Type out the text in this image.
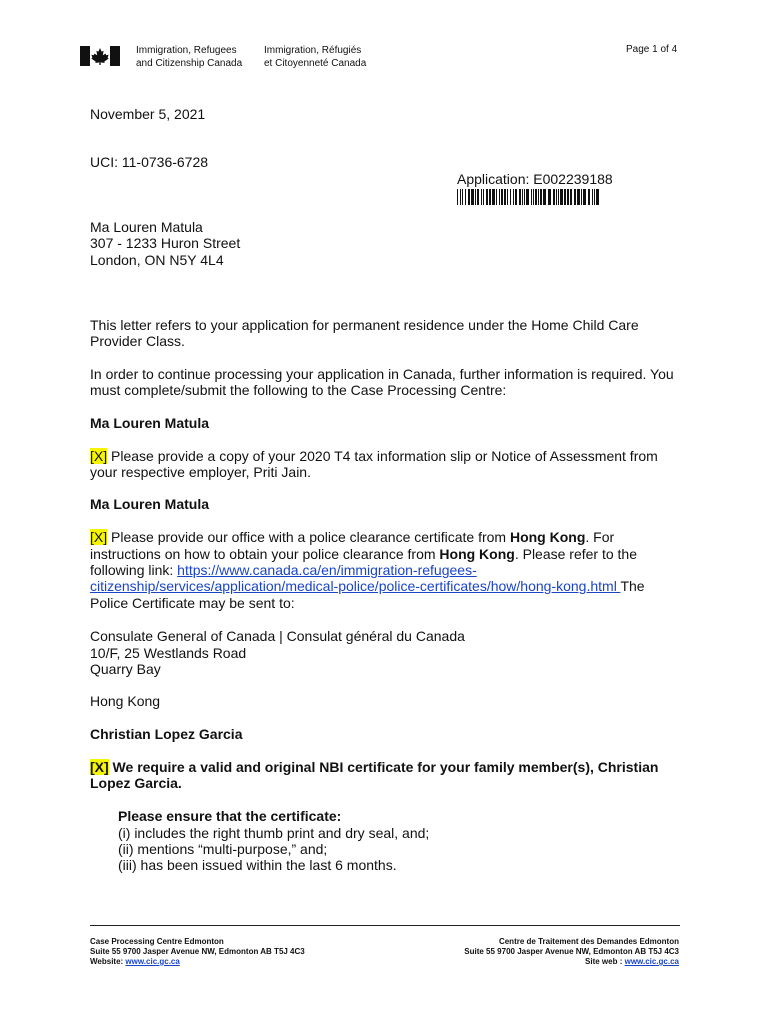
Immigration, Refugees
and Citizenship Canada
Immigration, Réfugiés
et Citoyenneté Canada
Page 1 of 4
November 5, 2021
UCI: 11-0736-6728
Application: E002239188
Ma Louren Matula
307 - 1233 Huron Street
London, ON N5Y 4L4
This letter refers to your application for permanent residence under the Home Child Care
Provider Class.
In order to continue processing your application in Canada, further information is required. You
must complete/submit the following to the Case Processing Centre:
Ma Louren Matula
[X] Please provide a copy of your 2020 T4 tax information slip or Notice of Assessment from
your respective employer, Priti Jain.
Ma Louren Matula
[X] Please provide our office with a police clearance certificate from Hong Kong. For
instructions on how to obtain your police clearance from Hong Kong. Please refer to the
following link: https://www.canada.ca/en/immigration-refugees-
citizenship/services/application/medical-police/police-certificates/how/hong-kong.html The
Police Certificate may be sent to:
Consulate General of Canada | Consulat général du Canada
10/F, 25 Westlands Road
Quarry Bay
Hong Kong
Christian Lopez Garcia
[X] We require a valid and original NBI certificate for your family member(s), Christian
Lopez Garcia.
Please ensure that the certificate:
(i) includes the right thumb print and dry seal, and;
(ii) mentions “multi-purpose,” and;
(iii) has been issued within the last 6 months.
Case Processing Centre Edmonton
Suite 55 9700 Jasper Avenue NW, Edmonton AB T5J 4C3
Website: www.cic.gc.ca
Centre de Traitement des Demandes Edmonton
Suite 55 9700 Jasper Avenue NW, Edmonton AB T5J 4C3
Site web : www.cic.gc.ca
